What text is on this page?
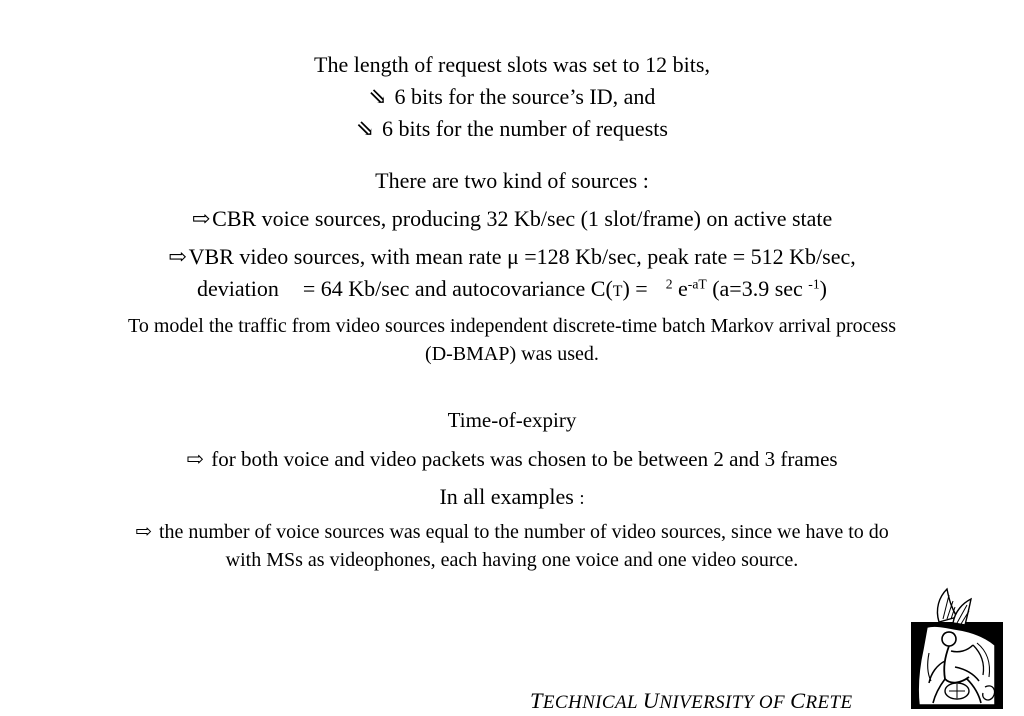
The length of request slots was set to 12 bits,
⇘ 6 bits for the source’s ID, and
⇘ 6 bits for the number of requests
There are two kind of sources :
⇨CBR voice sources, producing 32 Kb/sec (1 slot/frame) on active state
⇨VBR video sources, with mean rate μ =128 Kb/sec, peak rate = 512 Kb/sec,
deviation = 64 Kb/sec and autocovariance C(T) = $^2$ $e^{-aT}$ (a=3.9 sec $^{-1}$)
To model the traffic from video sources independent discrete-time batch Markov arrival process
(D-BMAP) was used.
Time-of-expiry
⇨ for both voice and video packets was chosen to be between 2 and 3 frames
In all examples :
⇨ the number of voice sources was equal to the number of video sources, since we have to do
with MSs as videophones, each having one voice and one video source.
TECHNICAL UNIVERSITY OF CRETE
